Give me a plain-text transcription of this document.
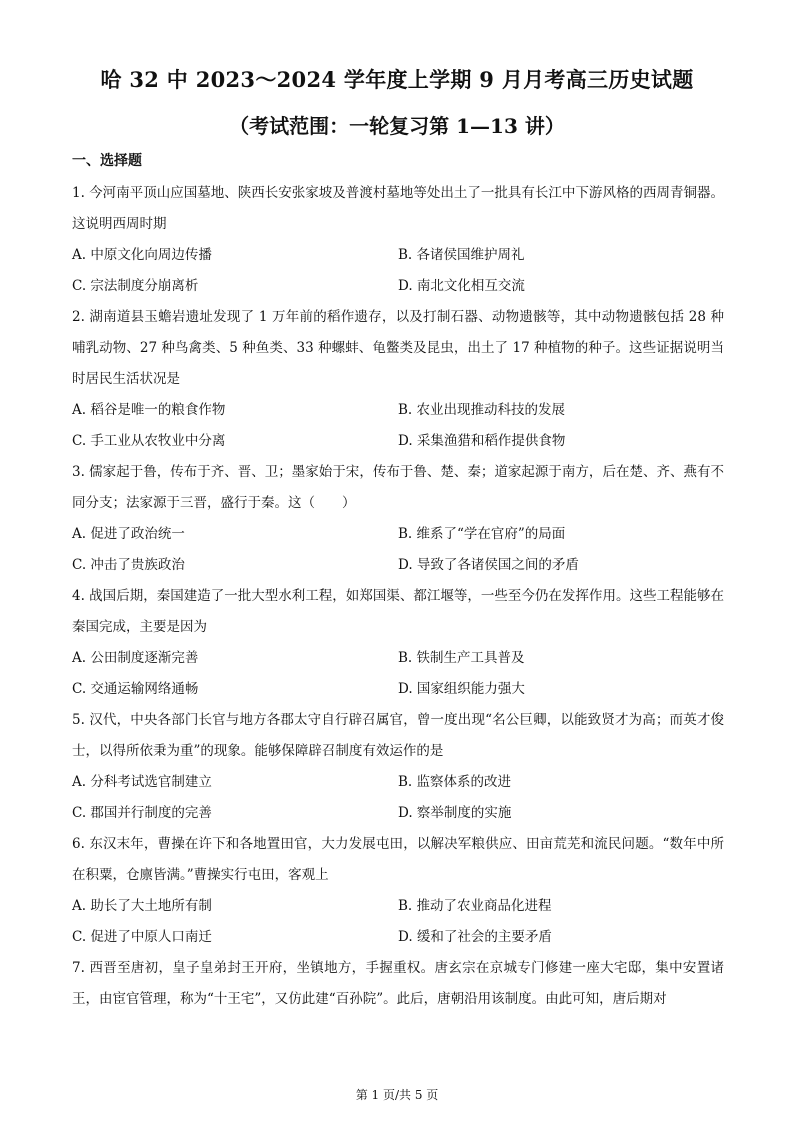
哈 32 中 2023～2024 学年度上学期 9 月月考高三历史试题
（考试范围：一轮复习第 1—13 讲）
一、选择题
1. 今河南平顶山应国墓地、陕西长安张家坡及普渡村墓地等处出土了一批具有长江中下游风格的西周青铜器。这说明西周时期
A. 中原文化向周边传播	B. 各诸侯国维护周礼
C. 宗法制度分崩离析	D. 南北文化相互交流
2. 湖南道县玉蟾岩遗址发现了 1 万年前的稻作遗存，以及打制石器、动物遗骸等，其中动物遗骸包括 28 种哺乳动物、27 种鸟禽类、5 种鱼类、33 种螺蚌、龟鳖类及昆虫，出土了 17 种植物的种子。这些证据说明当时居民生活状况是
A. 稻谷是唯一的粮食作物	B. 农业出现推动科技的发展
C. 手工业从农牧业中分离	D. 采集渔猎和稻作提供食物
3. 儒家起于鲁，传布于齐、晋、卫；墨家始于宋，传布于鲁、楚、秦；道家起源于南方，后在楚、齐、燕有不同分支；法家源于三晋，盛行于秦。这（　　）
A. 促进了政治统一	B. 维系了“学在官府”的局面
C. 冲击了贵族政治	D. 导致了各诸侯国之间的矛盾
4. 战国后期，秦国建造了一批大型水利工程，如郑国渠、都江堰等，一些至今仍在发挥作用。这些工程能够在秦国完成，主要是因为
A. 公田制度逐渐完善	B. 铁制生产工具普及
C. 交通运输网络通畅	D. 国家组织能力强大
5. 汉代，中央各部门长官与地方各郡太守自行辟召属官，曾一度出现“名公巨卿，以能致贤才为高；而英才俊士，以得所依秉为重”的现象。能够保障辟召制度有效运作的是
A. 分科考试选官制建立	B. 监察体系的改进
C. 郡国并行制度的完善	D. 察举制度的实施
6. 东汉末年，曹操在许下和各地置田官，大力发展屯田，以解决军粮供应、田亩荒芜和流民问题。“数年中所在积粟，仓廪皆满。”曹操实行屯田，客观上
A. 助长了大土地所有制	B. 推动了农业商品化进程
C. 促进了中原人口南迁	D. 缓和了社会的主要矛盾
7. 西晋至唐初，皇子皇弟封王开府，坐镇地方，手握重权。唐玄宗在京城专门修建一座大宅邸，集中安置诸王，由宦官管理，称为“十王宅”，又仿此建“百孙院”。此后，唐朝沿用该制度。由此可知，唐后期对
第 1 页/共 5 页
